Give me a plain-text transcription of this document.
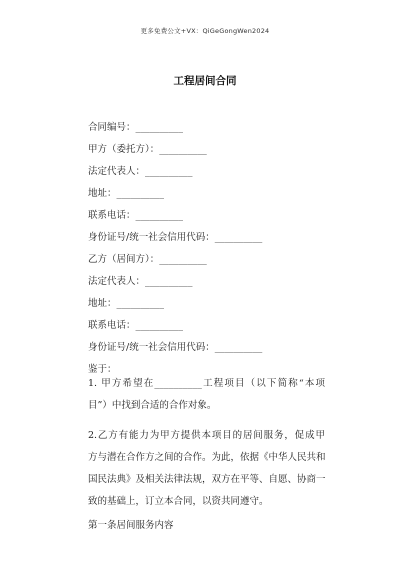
更多免费公文+VX：QiGeGongWen2024
工程居间合同
合同编号：__________
甲方（委托方）：__________
法定代表人：__________
地址：__________
联系电话：__________
身份证号/统一社会信用代码：__________
乙方（居间方）：__________
法定代表人：__________
地址：__________
联系电话：__________
身份证号/统一社会信用代码：__________
鉴于：
1. 甲方希望在__________工程项目（以下简称“本项
目”）中找到合适的合作对象。
2.乙方有能力为甲方提供本项目的居间服务，促成甲
方与潜在合作方之间的合作。为此，依据《中华人民共和
国民法典》及相关法律法规，双方在平等、自愿、协商一
致的基础上，订立本合同，以资共同遵守。
第一条居间服务内容
